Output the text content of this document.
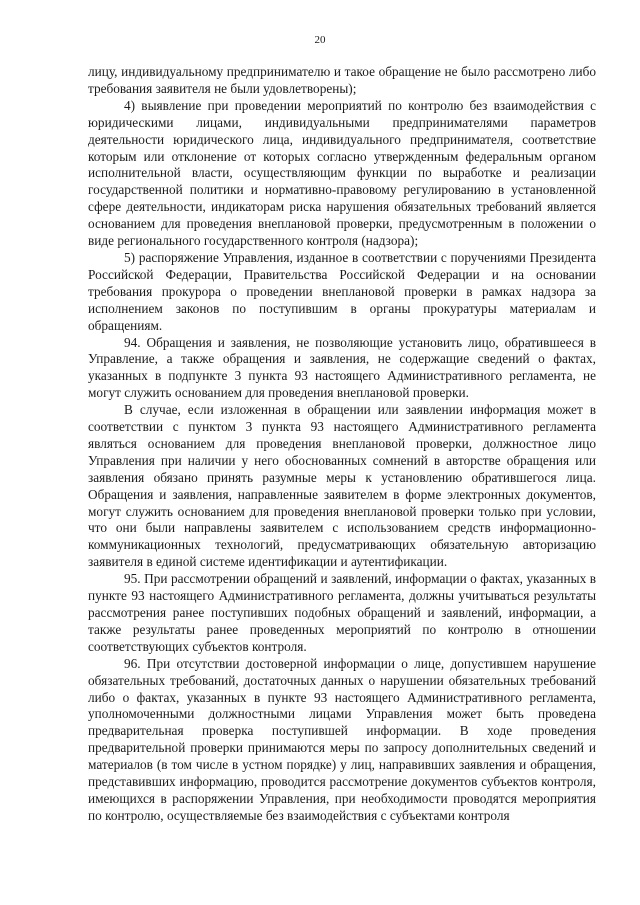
20

лицу, индивидуальному предпринимателю и такое обращение не было рассмотрено либо требования заявителя не были удовлетворены);

4) выявление при проведении мероприятий по контролю без взаимодействия с юридическими лицами, индивидуальными предпринимателями параметров деятельности юридического лица, индивидуального предпринимателя, соответствие которым или отклонение от которых согласно утвержденным федеральным органом исполнительной власти, осуществляющим функции по выработке и реализации государственной политики и нормативно-правовому регулированию в установленной сфере деятельности, индикаторам риска нарушения обязательных требований является основанием для проведения внеплановой проверки, предусмотренным в положении о виде регионального государственного контроля (надзора);

5) распоряжение Управления, изданное в соответствии с поручениями Президента Российской Федерации, Правительства Российской Федерации и на основании требования прокурора о проведении внеплановой проверки в рамках надзора за исполнением законов по поступившим в органы прокуратуры материалам и обращениям.

94. Обращения и заявления, не позволяющие установить лицо, обратившееся в Управление, а также обращения и заявления, не содержащие сведений о фактах, указанных в подпункте 3 пункта 93 настоящего Административного регламента, не могут служить основанием для проведения внеплановой проверки.

В случае, если изложенная в обращении или заявлении информация может в соответствии с пунктом 3 пункта 93 настоящего Административного регламента являться основанием для проведения внеплановой проверки, должностное лицо Управления при наличии у него обоснованных сомнений в авторстве обращения или заявления обязано принять разумные меры к установлению обратившегося лица. Обращения и заявления, направленные заявителем в форме электронных документов, могут служить основанием для проведения внеплановой проверки только при условии, что они были направлены заявителем с использованием средств информационно-коммуникационных технологий, предусматривающих обязательную авторизацию заявителя в единой системе идентификации и аутентификации.

95. При рассмотрении обращений и заявлений, информации о фактах, указанных в пункте 93 настоящего Административного регламента, должны учитываться результаты рассмотрения ранее поступивших подобных обращений и заявлений, информации, а также результаты ранее проведенных мероприятий по контролю в отношении соответствующих субъектов контроля.

96. При отсутствии достоверной информации о лице, допустившем нарушение обязательных требований, достаточных данных о нарушении обязательных требований либо о фактах, указанных в пункте 93 настоящего Административного регламента, уполномоченными должностными лицами Управления может быть проведена предварительная проверка поступившей информации. В ходе проведения предварительной проверки принимаются меры по запросу дополнительных сведений и материалов (в том числе в устном порядке) у лиц, направивших заявления и обращения, представивших информацию, проводится рассмотрение документов субъектов контроля, имеющихся в распоряжении Управления, при необходимости проводятся мероприятия по контролю, осуществляемые без взаимодействия с субъектами контроля
